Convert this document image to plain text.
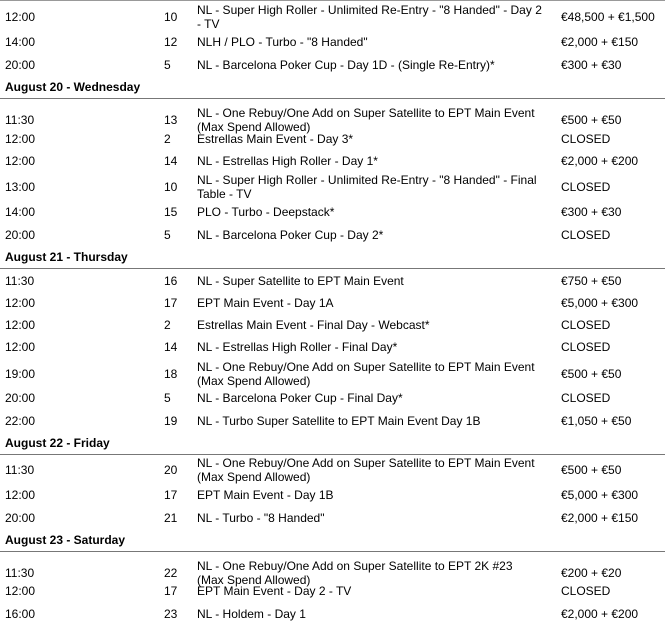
12:00	10 NL - Super High Roller - Unlimited Re-Entry - "8 Handed" - Day 2 - TV	€48,500 + €1,500
14:00	12 NLH / PLO - Turbo - "8 Handed"	€2,000 + €150
20:00	5 NL - Barcelona Poker Cup - Day 1D - (Single Re-Entry)*	€300 + €30
August 20 - Wednesday
11:30	13 NL - One Rebuy/One Add on Super Satellite to EPT Main Event (Max Spend Allowed)	€500 + €50
12:00	2 Estrellas Main Event - Day 3*	CLOSED
12:00	14 NL - Estrellas High Roller - Day 1*	€2,000 + €200
13:00	10 NL - Super High Roller - Unlimited Re-Entry - "8 Handed" - Final Table - TV	CLOSED
14:00	15 PLO - Turbo - Deepstack*	€300 + €30
20:00	5 NL - Barcelona Poker Cup - Day 2*	CLOSED
August 21 - Thursday
11:30	16 NL - Super Satellite to EPT Main Event	€750 + €50
12:00	17 EPT Main Event - Day 1A	€5,000 + €300
12:00	2 Estrellas Main Event - Final Day - Webcast*	CLOSED
12:00	14 NL - Estrellas High Roller - Final Day*	CLOSED
19:00	18 NL - One Rebuy/One Add on Super Satellite to EPT Main Event (Max Spend Allowed)	€500 + €50
20:00	5 NL - Barcelona Poker Cup - Final Day*	CLOSED
22:00	19 NL - Turbo Super Satellite to EPT Main Event Day 1B	€1,050 + €50
August 22 - Friday
11:30	20 NL - One Rebuy/One Add on Super Satellite to EPT Main Event (Max Spend Allowed)	€500 + €50
12:00	17 EPT Main Event - Day 1B	€5,000 + €300
20:00	21 NL - Turbo - "8 Handed"	€2,000 + €150
August 23 - Saturday
11:30	22 NL - One Rebuy/One Add on Super Satellite to EPT 2K #23 (Max Spend Allowed)	€200 + €20
12:00	17 EPT Main Event - Day 2 - TV	CLOSED
16:00	23 NL - Holdem - Day 1	€2,000 + €200
